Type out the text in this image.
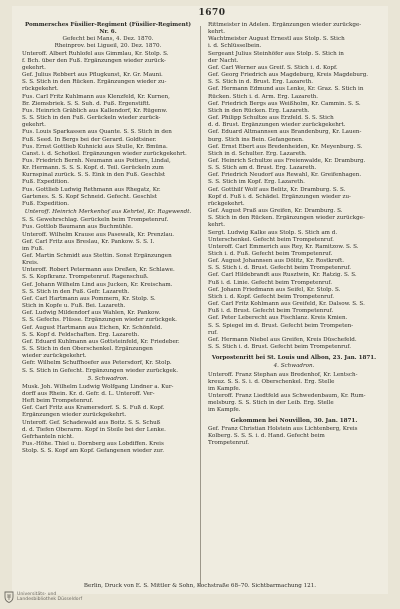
1670
Pommersches Füsilier-Regiment (Füsilier-Regiment) Nr. 6.
Gefecht bei Mans, 4. Dez. 1870.
Rheinprov. bei Ligueil, 20. Dez. 1870.
Unteroff. Albert Ruhlofel aus Gimmlau, Kr. Stolp. S.
f. Bch. über den Fuß. Ergänzungen wieder zurück-
gekehrt.
Gef. Julius Rebbert aus Pflugkunst, Kr. Gr. Mauni.
S. S. Stich in den Rücken. Ergänzungen wieder zu-
rückgekehrt.
Fus. Carl Fritz Kuhlmann aus Klenzfeld, Kr. Kurnen,
Br. Ziemsbriek. S. S. Suh. d. Fuß. Ergenstiftt.
Fus. Heinrich Gräblich aus Kallendorf, Kr. Rügenw.
S. S. Stich in den Fuß. Gerückeln wieder zurück-
gekehrt.
Fus. Louis Sparkassen aus Quante. S. S. Stich in den
Fuß. Seed. In Bergs bei der Gerard. Goldtsiner.
Fus. Ernst Gottlieb Kuhnicki aus Stulle, Kr. Bmüna.
Canst. i. d. Schotkel. Ergänzungen wieder zurückgekehrt.
Fus. Friedrich Bernh. Neumann aus Poitiers, Lindal,
Kr. Hermann. S. S. S. Kopf. d. Teil. Gerückeln zum
Kurnspinal zurück. S. S. Eink in den Fuß. Geschlst
Fuß. Expedition.
Fus. Gottlieb Ludwig Rethmann aus Rhegatz, Kr.
Gartenes. S. S. Kopf Schneid. Gefecht. Geschlst
Fuß. Expedition.
Unteroff. Heinrich Merkenhof aus Kehrtel, Kr. Ragewendt.
S. S. Gewehrschlag. Gerückeln beim Trompetenruf.
Fus. Gottlob Baumann aus Buchmühle.
Unteroff. Wilhelm Krause aus Pasewalk, Kr. Prenzlau.
Gef. Carl Fritz aus Breslau, Kr. Pankow. S. S. I.
im Fuß.
Gef. Martin Schmidt aus Stettin. Sonst Ergänzungen
Kreis.
Unteroff. Robert Petermann aus Dreßen, Kr. Schlawe.
S. S. Kopfkranz. Trompetenruf. Ragenschuß.
Gef. Johann Wilhelm Lind aus Jucken, Kr. Kreischam.
S. S. Stich in den Fuß. Gefr. Lazareth.
Gef. Carl Hartmann aus Pommern, Kr. Stolp. S.
Stich in Kopfe u. Fuß. Bei. Lazareth.
Gef. Ludwig Mildendorf aus Wahlen, Kr. Pankow.
S. S. Gefechs. Flüsse. Ergänzungen wieder zurückgek.
Gef. August Hartmann aus Eichen, Kr. Schönfeld.
S. S. Kopf d. Feldschaften. Erg. Lazareth.
Gef. Eduard Kuhlmann aus Gottsteinfeld, Kr. Friedeber.
S. S. Stich in den Oberschenkel. Ergänzungen
wieder zurückgekehrt.
Gefr. Wilhelm Schuffhoefer aus Petersdorf, Kr. Stolp.
S. S. Stich in Gefecht. Ergänzungen wieder zurückgek.
5. Schwadron.
Musk. Joh. Wilhelm Ludwig Wolfgang Lindner a. Kur-
dorff aus Rhein. Kr. d. Gefr. d. L. Unteroff. Ver-
Heft beim Trompetenruf.
Gef. Carl Fritz aus Kramersdorf. S. S. Fuß d. Kopf.
Ergänzungen wieder zurückgekehrt.
Unteroff. Gef. Schadewald aus Boitz. S. S. Schuß
d. d. Tiefen Oberarm. Kopf in Steile bei der Lenke.
Gefrhanteln nicht.
Fus.-Höhe. Thiel u. Dornberg aus Lobdiffen. Kreis
Stolp. S. S. Kopf am Kopf. Gefangenen wieder zur.
Rittmeister in Adelen. Ergänzungen wieder zurückge-
kehrt.
Wachtmeister August Ernestl aus Stolp. S. Stich
i. d. Schlüsselbein.
Sergeant Julius Steinhöfer aus Stolp. S. Stich in
der Nacht.
Gef. Carl Werner aus Greif. S. Stich i. d. Kopf.
Gef. Georg Friedrich aus Magdeburg, Kreis Magdeburg.
S. S. Stich in d. Brust. Erg. Lazareth.
Gef. Hermann Edmund aus Lenke, Kr. Graz. S. Stich in
Rücken. Stich i. d. Arm. Erg. Lazareth.
Gef. Friedrich Bergs aus Weißholm, Kr. Cammin. S. S.
Stich in den Rücken. Erg. Lazareth.
Gef. Philipp Schultze aus Erzfeld. S. S. Stich
d. d. Brust. Ergänzungen wieder zurückgekehrt.
Gef. Eduard Altmannsen aus Brandenburg, Kr. Lauen-
burg. Stich ins Bein. Gefangenen.
Gef. Ernst Ebert aus Bredenheiden, Kr. Meyenburg. S.
Stich in d. Schulter. Erg. Lazareth.
Gef. Heinrich Schultze aus Freienwalde, Kr. Dramburg.
S. S. Stich am d. Brust. Erg. Lazareth.
Gef. Friedrich Neudorf aus Rewahl, Kr. Greifenhagen.
S. S. Stich im Kopf. Erg. Lazareth.
Gef. Gotthilf Wolf aus Belitz, Kr. Dramburg. S. S.
Kopf d. Fuß i. d. Schädel. Ergänzungen wieder zu-
rückgekehrt.
Gef. August Praß aus Greifen, Kr. Dramburg. S.
S. Stich in den Rücken. Ergänzungen wieder zurückge-
kehrt.
Sergt. Ludwig Kalke aus Stolp. S. Stich am d.
Unterschenkel. Gefecht beim Trompetenruf.
Unteroff. Carl Emmerich aus Rey, Kr. Ramitzow. S. S.
Stich i. d. Fuß. Gefecht beim Trompetenruf.
Gef. August Johannsen aus Dölitz, Kr. Rostkroft.
S. S. Stich i. d. Brust. Gefecht beim Trompetenruf.
Gef. Carl Hildebrandt aus Rusztwin, Kr. Ratzig. S. S.
Fuß i. d. Linie. Gefecht beim Trompetenruf.
Gef. Johann Friedmann aus Seifel, Kr. Stolp. S.
Stich i. d. Kopf. Gefecht beim Trompetenruf.
Gef. Carl Fritz Kohlmann aus Greifeld, Kr. Dalsow. S. S.
Fuß i. d. Brust. Gefecht beim Trompetenruf.
Gef. Peter Leberecht aus Fischlanz. Kreis Kmien.
S. S. Spiegel im d. Brust. Gefecht beim Trompeten-
ruf.
Gef. Hermann Niebel aus Greifen, Kreis Düschefeld.
S. S. Stich i. d. Brust. Gefecht beim Trompetenruf.
Vorpostenritt bei St. Louis und Albon, 23. Jan. 1871.
4. Schwadron.
Unteroff. Franz Stephan aus Bredenhof, Kr. Lentsch-
kreuz. S. S. S. i. d. Oberschenkel. Erg. Stelle
im Kampfe.
Unteroff. Franz Liedtfeld aus Schwedenbaum, Kr. Rum-
melsburg. S. S. Stich in der Leib. Erg. Stelle
im Kampfe.
Gekommen bei Nouvillon, 30. Jan. 1871.
Gef. Franz Christian Holstein aus Lichtenberg, Kreis
Kolberg. S. S. S. i. d. Hand. Gefecht beim
Trompetenruf.
Berlin, Druck von E. S. Mittler & Sohn, Kochstraße 68–70. Sichtbarmachung 121.
Universitäts- und
Landesbibliothek Düsseldorf
